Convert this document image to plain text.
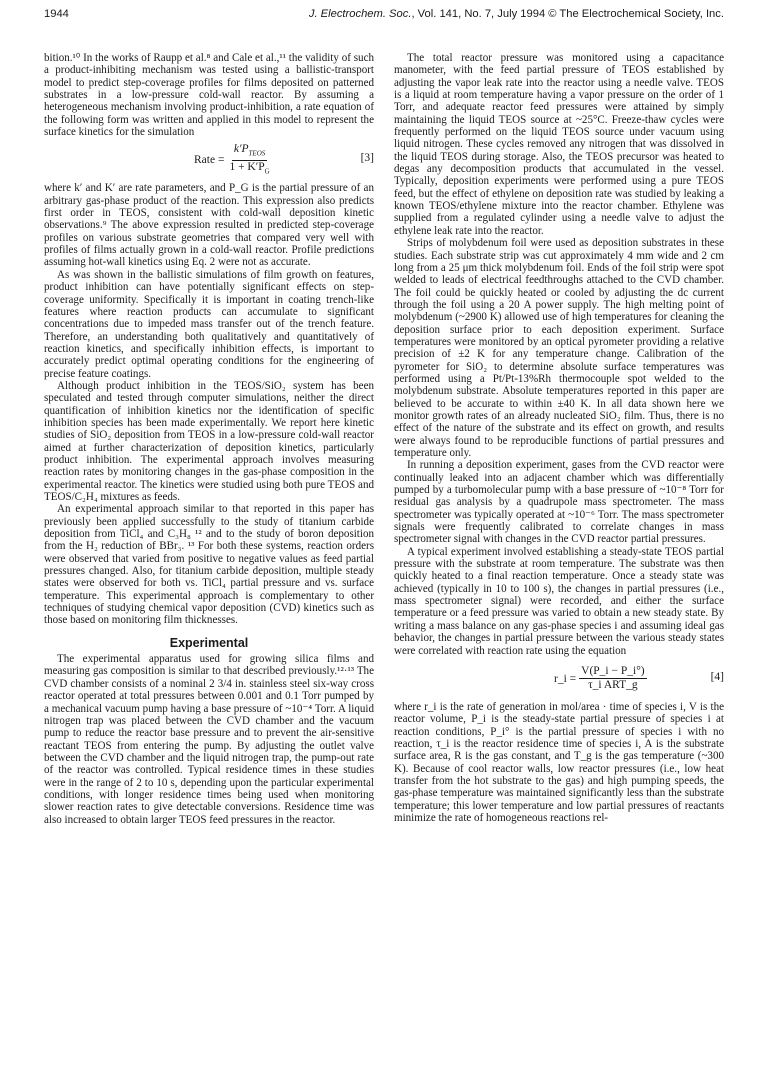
1944	J. Electrochem. Soc., Vol. 141, No. 7, July 1994 © The Electrochemical Society, Inc.

bition.¹⁰ In the works of Raupp et al.⁸ and Cale et al.,¹¹ the validity of such a product-inhibiting mechanism was tested using a ballistic-transport model to predict step-coverage profiles for films deposited on patterned substrates in a low-pressure cold-wall reactor. By assuming a heterogeneous mechanism involving product-inhibition, a rate equation of the following form was written and applied in this model to represent the surface kinetics for the simulation

Rate = $\frac{k'P_{TEOS}}{1 + K'P_G}$	[3]

where k′ and K′ are rate parameters, and P_G is the partial pressure of an arbitrary gas-phase product of the reaction. This expression also predicts first order in TEOS, consistent with cold-wall deposition kinetic observations.⁹ The above expression resulted in predicted step-coverage profiles on various substrate geometries that compared very well with profiles of films actually grown in a cold-wall reactor. Profile predictions assuming hot-wall kinetics using Eq. 2 were not as accurate.

As was shown in the ballistic simulations of film growth on features, product inhibition can have potentially significant effects on step-coverage uniformity. Specifically it is important in coating trench-like features where reaction products can accumulate to significant concentrations due to impeded mass transfer out of the trench feature. Therefore, an understanding both qualitatively and quantitatively of reaction kinetics, and specifically inhibition effects, is important to accurately predict optimal operating conditions for the engineering of precise feature coatings.

Although product inhibition in the TEOS/SiO₂ system has been speculated and tested through computer simulations, neither the direct quantification of inhibition kinetics nor the identification of specific inhibition species has been made experimentally. We report here kinetic studies of SiO₂ deposition from TEOS in a low-pressure cold-wall reactor aimed at further characterization of deposition kinetics, particularly product inhibition. The experimental approach involves measuring reaction rates by monitoring changes in the gas-phase composition in the experimental reactor. The kinetics were studied using both pure TEOS and TEOS/C₂H₄ mixtures as feeds.

An experimental approach similar to that reported in this paper has previously been applied successfully to the study of titanium carbide deposition from TiCl₄ and C₃H₈ ¹² and to the study of boron deposition from the H₂ reduction of BBr₃. ¹³ For both these systems, reaction orders were observed that varied from positive to negative values as feed partial pressures changed. Also, for titanium carbide deposition, multiple steady states were observed for both vs. TiCl₄ partial pressure and vs. surface temperature. This experimental approach is complementary to other techniques of studying chemical vapor deposition (CVD) kinetics such as those based on monitoring film thicknesses.

Experimental

The experimental apparatus used for growing silica films and measuring gas composition is similar to that described previously.¹²·¹³ The CVD chamber consists of a nominal 2 3/4 in. stainless steel six-way cross reactor operated at total pressures between 0.001 and 0.1 Torr pumped by a mechanical vacuum pump having a base pressure of ~10⁻⁴ Torr. A liquid nitrogen trap was placed between the CVD chamber and the vacuum pump to reduce the reactor base pressure and to prevent the air-sensitive reactant TEOS from entering the pump. By adjusting the outlet valve between the CVD chamber and the liquid nitrogen trap, the pump-out rate of the reactor was controlled. Typical residence times in these studies were in the range of 2 to 10 s, depending upon the particular experimental conditions, with longer residence times being used when monitoring slower reaction rates to give detectable conversions. Residence time was also increased to obtain larger TEOS feed pressures in the reactor.

The total reactor pressure was monitored using a capacitance manometer, with the feed partial pressure of TEOS established by adjusting the vapor leak rate into the reactor using a needle valve. TEOS is a liquid at room temperature having a vapor pressure on the order of 1 Torr, and adequate reactor feed pressures were attained by simply maintaining the liquid TEOS source at ~25°C. Freeze-thaw cycles were frequently performed on the liquid TEOS source under vacuum using liquid nitrogen. These cycles removed any nitrogen that was dissolved in the liquid TEOS during storage. Also, the TEOS precursor was heated to degas any decomposition products that accumulated in the vessel. Typically, deposition experiments were performed using a pure TEOS feed, but the effect of ethylene on deposition rate was studied by leaking a known TEOS/ethylene mixture into the reactor chamber. Ethylene was supplied from a regulated cylinder using a needle valve to adjust the ethylene leak rate into the reactor.

Strips of molybdenum foil were used as deposition substrates in these studies. Each substrate strip was cut approximately 4 mm wide and 2 cm long from a 25 μm thick molybdenum foil. Ends of the foil strip were spot welded to leads of electrical feedthroughs attached to the CVD chamber. The foil could be quickly heated or cooled by adjusting the dc current through the foil using a 20 A power supply. The high melting point of molybdenum (~2900 K) allowed use of high temperatures for cleaning the deposition surface prior to each deposition experiment. Surface temperatures were monitored by an optical pyrometer providing a relative precision of ±2 K for any temperature change. Calibration of the pyrometer for SiO₂ to determine absolute surface temperatures was performed using a Pt/Pt-13%Rh thermocouple spot welded to the molybdenum substrate. Absolute temperatures reported in this paper are believed to be accurate to within ±40 K. In all data shown here we monitor growth rates of an already nucleated SiO₂ film. Thus, there is no effect of the nature of the substrate and its effect on growth, and results were always found to be reproducible functions of partial pressures and temperature only.

In running a deposition experiment, gases from the CVD reactor were continually leaked into an adjacent chamber which was differentially pumped by a turbomolecular pump with a base pressure of ~10⁻⁸ Torr for residual gas analysis by a quadrupole mass spectrometer. The mass spectrometer was typically operated at ~10⁻⁶ Torr. The mass spectrometer signals were frequently calibrated to correlate changes in mass spectrometer signal with changes in the CVD reactor partial pressures.

A typical experiment involved establishing a steady-state TEOS partial pressure with the substrate at room temperature. The substrate was then quickly heated to a final reaction temperature. Once a steady state was achieved (typically in 10 to 100 s), the changes in partial pressures (i.e., mass spectrometer signal) were recorded, and either the surface temperature or a feed pressure was varied to obtain a new steady state. By writing a mass balance on any gas-phase species i and assuming ideal gas behavior, the changes in partial pressure between the various steady states were correlated with reaction rate using the equation

r_i = $\frac{V(P\_i - P\_i^\circ)}{\text{τ\_i ART\_g}}$	[4]

where r_i is the rate of generation in mol/area · time of species i, V is the reactor volume, P_i is the steady-state partial pressure of species i at reaction conditions, P_i° is the partial pressure of species i with no reaction, τ_i is the reactor residence time of species i, A is the substrate surface area, R is the gas constant, and T_g is the gas temperature (~300 K). Because of cool reactor walls, low reactor pressures (i.e., low heat transfer from the hot substrate to the gas) and high pumping speeds, the gas-phase temperature was maintained significantly less than the substrate temperature; this lower temperature and low partial pressures of reactants minimize the rate of homogeneous reactions rel-
